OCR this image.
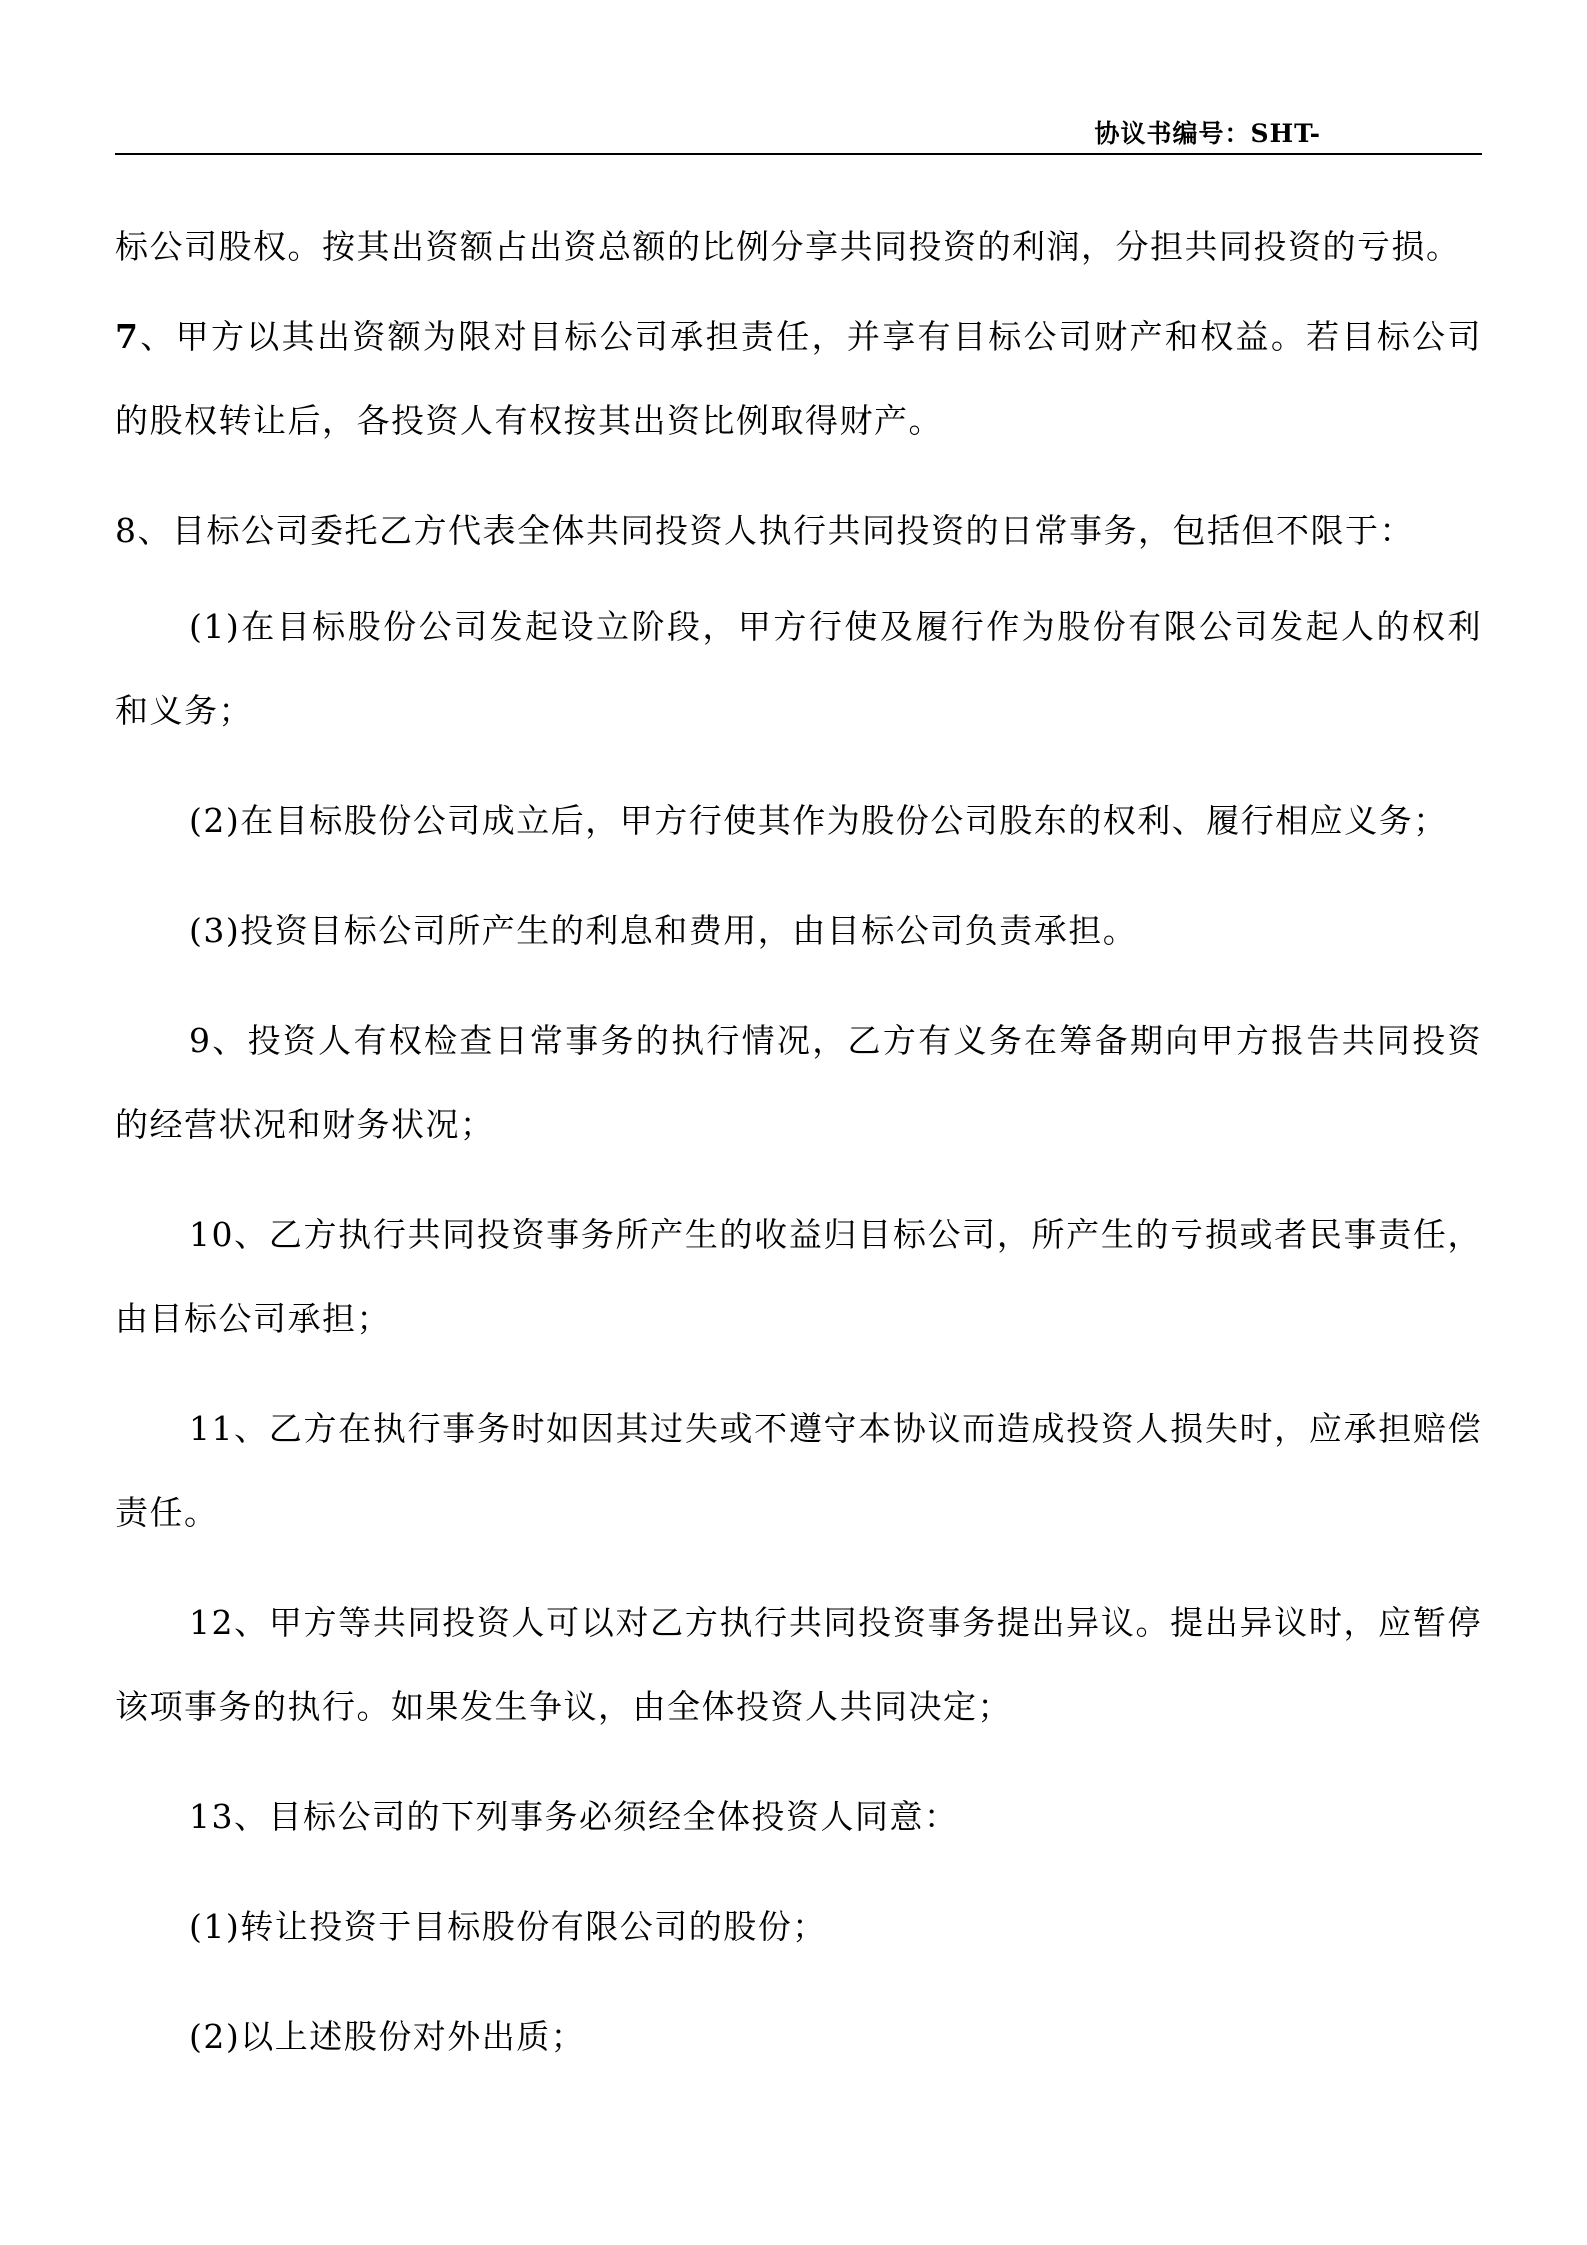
协议书编号：SHT-

标公司股权。按其出资额占出资总额的比例分享共同投资的利润，分担共同投资的亏损。

7、甲方以其出资额为限对目标公司承担责任，并享有目标公司财产和权益。若目标公司的股权转让后，各投资人有权按其出资比例取得财产。

8、目标公司委托乙方代表全体共同投资人执行共同投资的日常事务，包括但不限于：

(1)在目标股份公司发起设立阶段，甲方行使及履行作为股份有限公司发起人的权利和义务；

(2)在目标股份公司成立后，甲方行使其作为股份公司股东的权利、履行相应义务；

(3)投资目标公司所产生的利息和费用，由目标公司负责承担。

9、投资人有权检查日常事务的执行情况，乙方有义务在筹备期向甲方报告共同投资的经营状况和财务状况；

10、乙方执行共同投资事务所产生的收益归目标公司，所产生的亏损或者民事责任，由目标公司承担；

11、乙方在执行事务时如因其过失或不遵守本协议而造成投资人损失时，应承担赔偿责任。

12、甲方等共同投资人可以对乙方执行共同投资事务提出异议。提出异议时，应暂停该项事务的执行。如果发生争议，由全体投资人共同决定；

13、目标公司的下列事务必须经全体投资人同意：

(1)转让投资于目标股份有限公司的股份；

(2)以上述股份对外出质；
